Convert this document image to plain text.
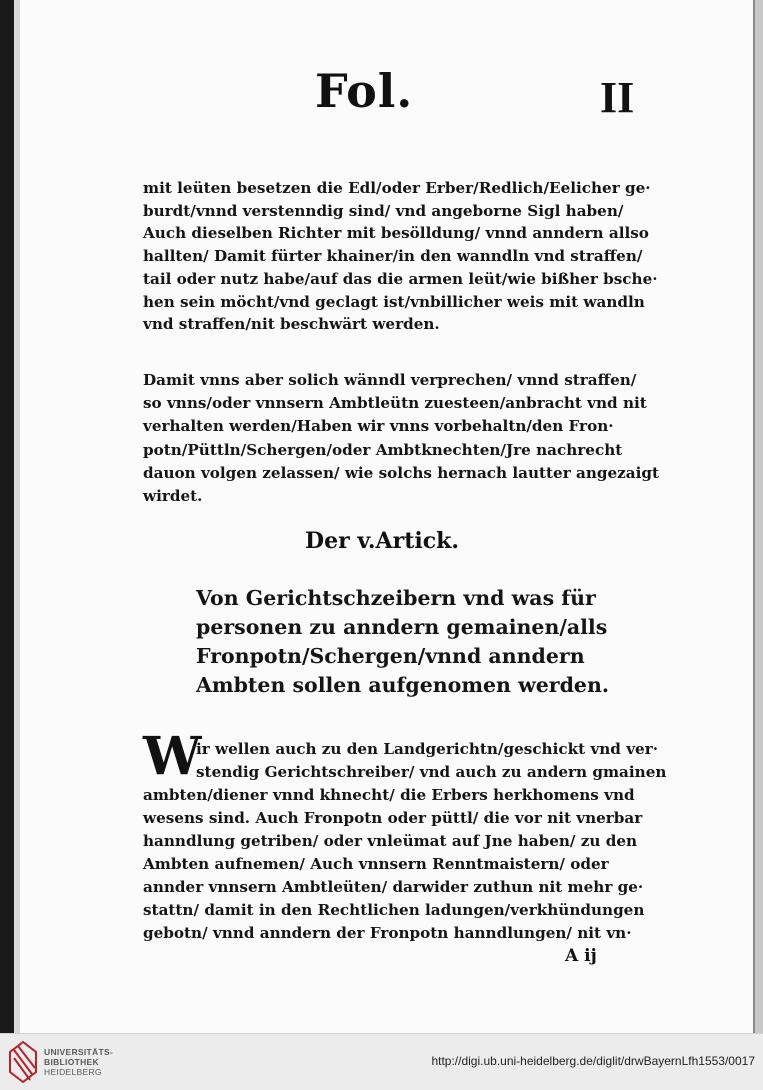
Fol.	II
mit leüten besetzen die Edl/oder Erber/Redlich/Eelicher ge·
burdt/vnnd verstenndig sind/ vnd angeborne Sigl haben/
Auch dieselben Richter mit besölldung/ vnnd anndern allso
hallten/ Damit fürter khainer/in den wanndln vnd straffen/
tail oder nutz habe/auf das die armen leüt/wie bißher bsche·
hen sein möcht/vnd geclagt ist/vnbillicher weis mit wandln
vnd straffen/nit beschwärt werden.
Damit vnns aber solich wänndl verprechen/ vnnd straffen/
so vnns/oder vnnsern Ambtleütn zuesteen/anbracht vnd nit
verhalten werden/Haben wir vnns vorbehaltn/den Fron·
potn/Püttln/Schergen/oder Ambtknechten/Jre nachrecht
dauon volgen zelassen/ wie solchs hernach lautter angezaigt
wirdet.
Der v.Artick.
Von Gerichtschzeibern vnd was für
personen zu anndern gemainen/alls
Fronpotn/Schergen/vnnd anndern
Ambten sollen aufgenomen werden.
W
ir wellen auch zu den Landgerichtn/geschickt vnd ver·
stendig Gerichtschreiber/ vnd auch zu andern gmainen
ambten/diener vnnd khnecht/ die Erbers herkhomens vnd
wesens sind. Auch Fronpotn oder püttl/ die vor nit vnerbar
hanndlung getriben/ oder vnleümat auf Jne haben/ zu den
Ambten aufnemen/ Auch vnnsern Renntmaistern/ oder
annder vnnsern Ambtleüten/ darwider zuthun nit mehr ge·
stattn/ damit in den Rechtlichen ladungen/verkhündungen
gebotn/ vnnd anndern der Fronpotn hanndlungen/ nit vn·
A ij
UNIVERSITÄTS-
BIBLIOTHEK
HEIDELBERG
http://digi.ub.uni-heidelberg.de/diglit/drwBayernLfh1553/0017
